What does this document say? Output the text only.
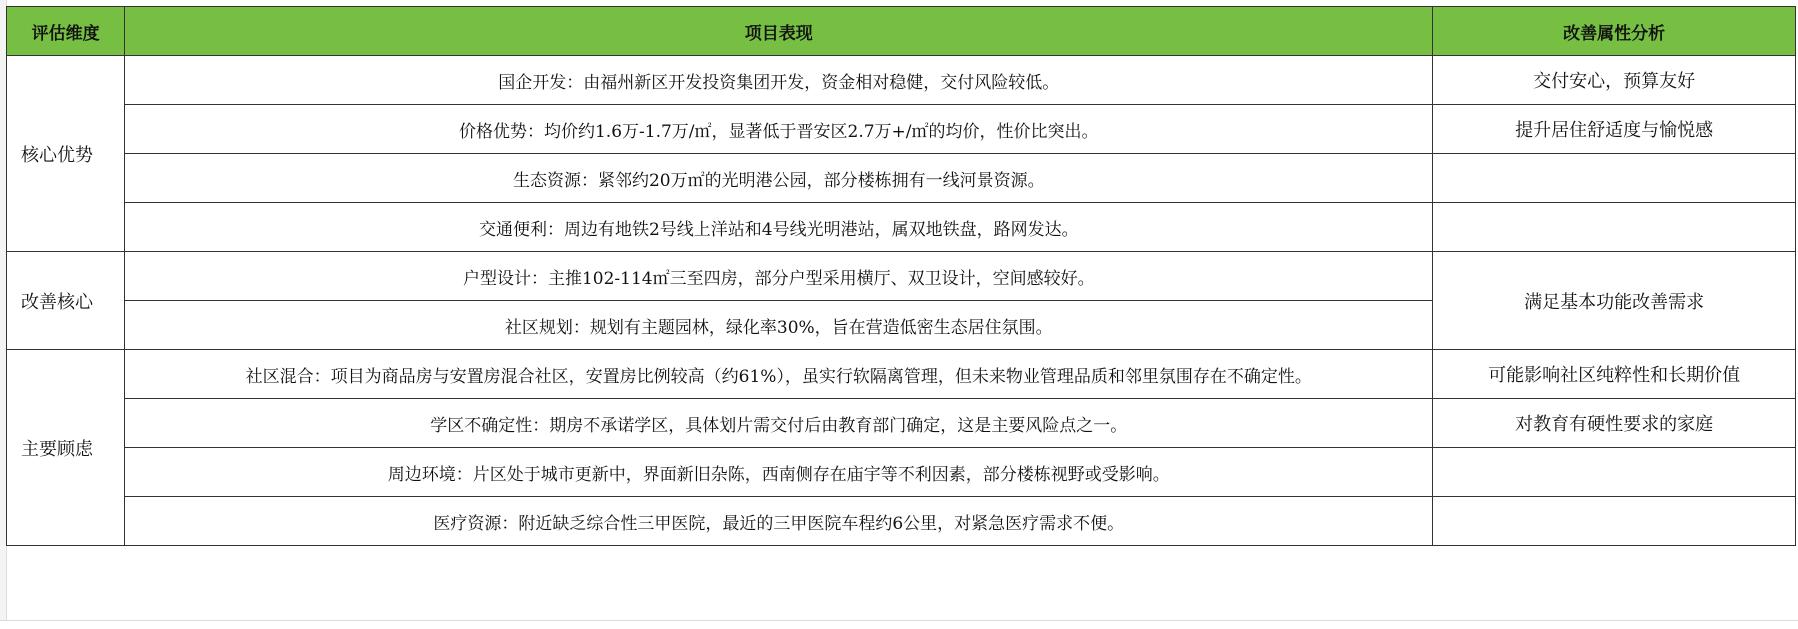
评估维度	项目表现	改善属性分析
核心优势	国企开发：由福州新区开发投资集团开发，资金相对稳健，交付风险较低。	交付安心，预算友好
	价格优势：均价约1.6万-1.7万/㎡，显著低于晋安区2.7万+/㎡的均价，性价比突出。	提升居住舒适度与愉悦感
	生态资源：紧邻约20万㎡的光明港公园，部分楼栋拥有一线河景资源。	
	交通便利：周边有地铁2号线上洋站和4号线光明港站，属双地铁盘，路网发达。	
改善核心	户型设计：主推102-114㎡三至四房，部分户型采用横厅、双卫设计，空间感较好。	满足基本功能改善需求
	社区规划：规划有主题园林，绿化率30%，旨在营造低密生态居住氛围。	
主要顾虑	社区混合：项目为商品房与安置房混合社区，安置房比例较高（约61%），虽实行软隔离管理，但未来物业管理品质和邻里氛围存在不确定性。	可能影响社区纯粹性和长期价值
	学区不确定性：期房不承诺学区，具体划片需交付后由教育部门确定，这是主要风险点之一。	对教育有硬性要求的家庭
	周边环境：片区处于城市更新中，界面新旧杂陈，西南侧存在庙宇等不利因素，部分楼栋视野或受影响。	
	医疗资源：附近缺乏综合性三甲医院，最近的三甲医院车程约6公里，对紧急医疗需求不便。	
